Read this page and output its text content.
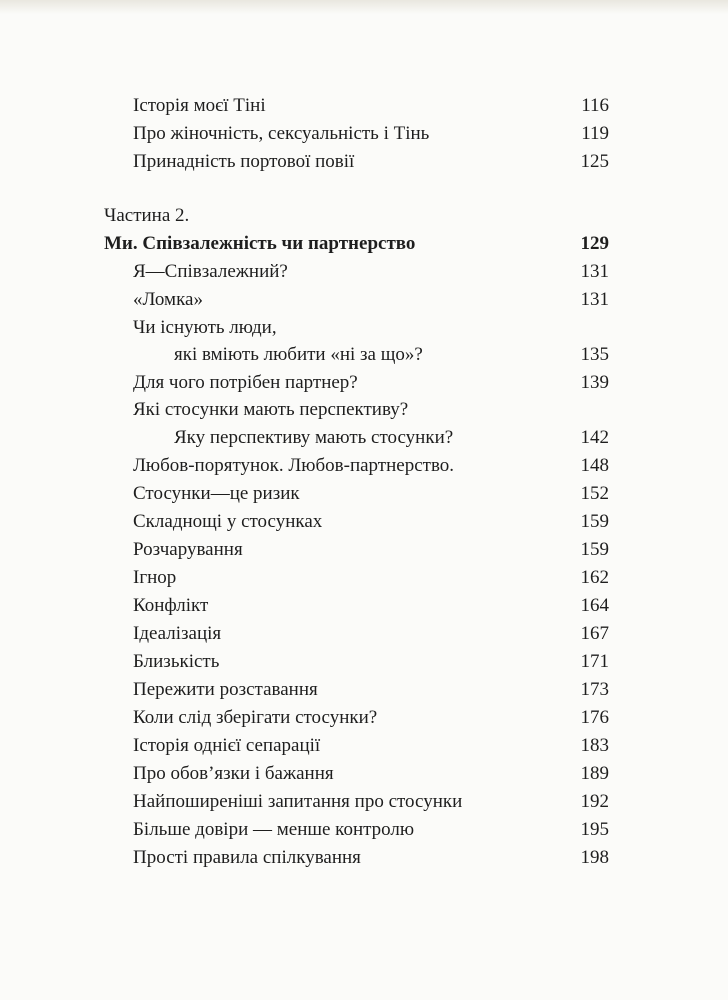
Історія моєї Тіні	116
Про жіночність, сексуальність і Тінь	119
Принадність портової повії	125
Частина 2.
Ми. Співзалежність чи партнерство	129
Я—Співзалежний?	131
«Ломка»	131
Чи існують люди,
які вміють любити «ні за що»?	135
Для чого потрібен партнер?	139
Які стосунки мають перспективу?
Яку перспективу мають стосунки?	142
Любов-порятунок. Любов-партнерство.	148
Стосунки—це ризик	152
Складнощі у стосунках	159
Розчарування	159
Ігнор	162
Конфлікт	164
Ідеалізація	167
Близькість	171
Пережити розставання	173
Коли слід зберігати стосунки?	176
Історія однієї сепарації	183
Про обов’язки і бажання	189
Найпоширеніші запитання про стосунки	192
Більше довіри — менше контролю	195
Прості правила спілкування	198
